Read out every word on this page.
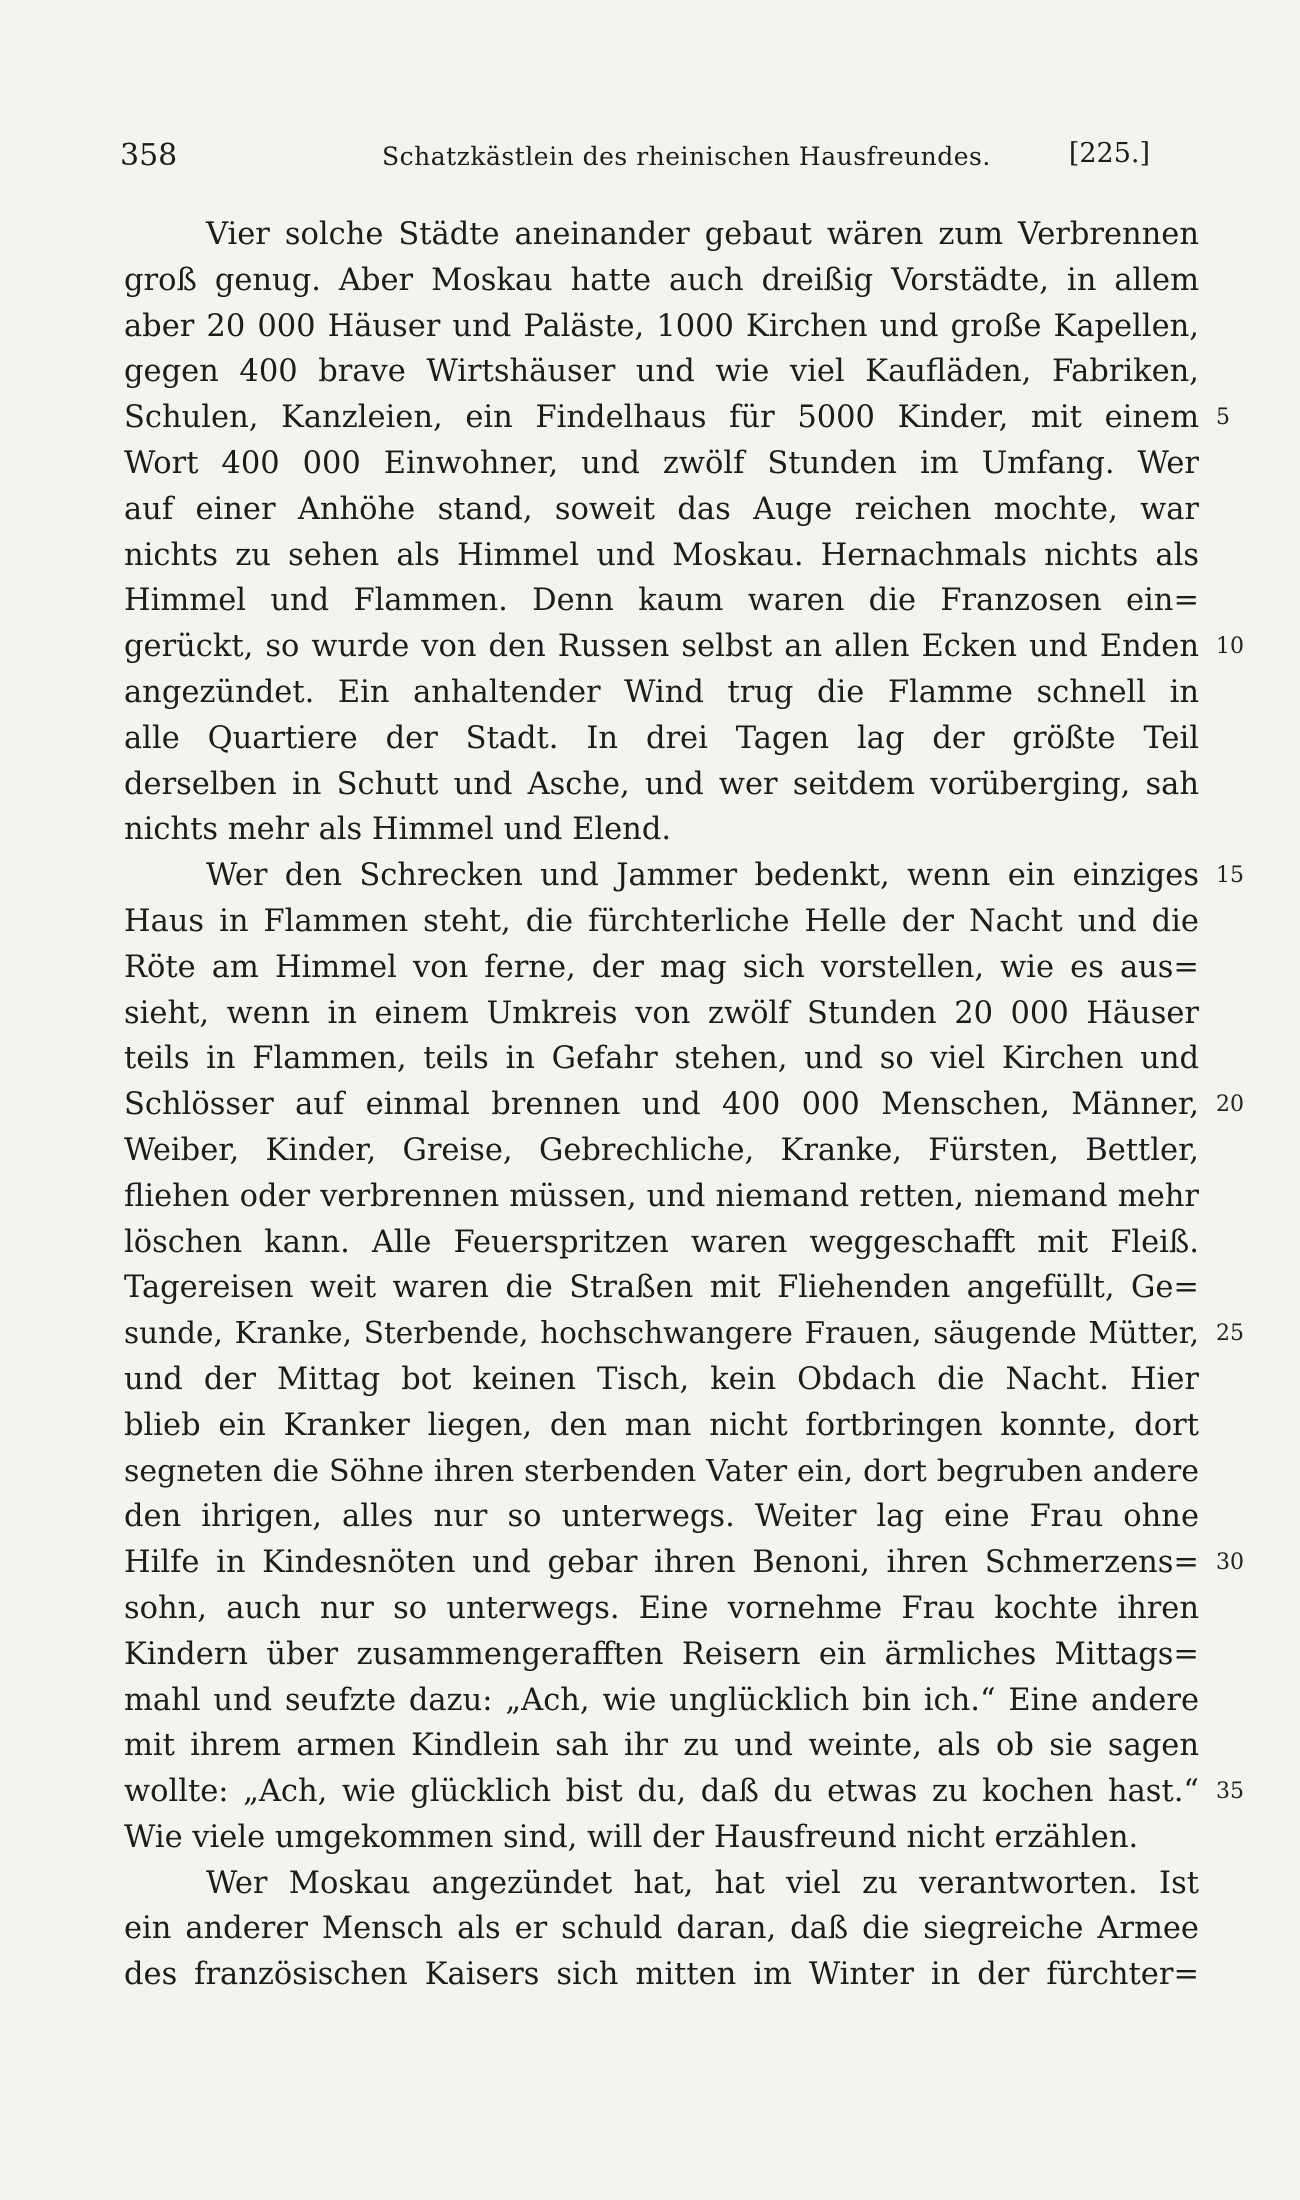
358	Schatzkästlein des rheinischen Hausfreundes.	[225.]
Vier solche Städte aneinander gebaut wären zum Verbrennen
groß genug. Aber Moskau hatte auch dreißig Vorstädte, in allem
aber 20 000 Häuser und Paläste, 1000 Kirchen und große Kapellen,
gegen 400 brave Wirtshäuser und wie viel Kaufläden, Fabriken,
Schulen, Kanzleien, ein Findelhaus für 5000 Kinder, mit einem 5
Wort 400 000 Einwohner, und zwölf Stunden im Umfang. Wer
auf einer Anhöhe stand, soweit das Auge reichen mochte, war
nichts zu sehen als Himmel und Moskau. Hernachmals nichts als
Himmel und Flammen. Denn kaum waren die Franzosen ein=
gerückt, so wurde von den Russen selbst an allen Ecken und Enden 10
angezündet. Ein anhaltender Wind trug die Flamme schnell in
alle Quartiere der Stadt. In drei Tagen lag der größte Teil
derselben in Schutt und Asche, und wer seitdem vorüberging, sah
nichts mehr als Himmel und Elend.
Wer den Schrecken und Jammer bedenkt, wenn ein einziges 15
Haus in Flammen steht, die fürchterliche Helle der Nacht und die
Röte am Himmel von ferne, der mag sich vorstellen, wie es aus=
sieht, wenn in einem Umkreis von zwölf Stunden 20 000 Häuser
teils in Flammen, teils in Gefahr stehen, und so viel Kirchen und
Schlösser auf einmal brennen und 400 000 Menschen, Männer, 20
Weiber, Kinder, Greise, Gebrechliche, Kranke, Fürsten, Bettler,
fliehen oder verbrennen müssen, und niemand retten, niemand mehr
löschen kann. Alle Feuerspritzen waren weggeschafft mit Fleiß.
Tagereisen weit waren die Straßen mit Fliehenden angefüllt, Ge=
sunde, Kranke, Sterbende, hochschwangere Frauen, säugende Mütter, 25
und der Mittag bot keinen Tisch, kein Obdach die Nacht. Hier
blieb ein Kranker liegen, den man nicht fortbringen konnte, dort
segneten die Söhne ihren sterbenden Vater ein, dort begruben andere
den ihrigen, alles nur so unterwegs. Weiter lag eine Frau ohne
Hilfe in Kindesnöten und gebar ihren Benoni, ihren Schmerzens= 30
sohn, auch nur so unterwegs. Eine vornehme Frau kochte ihren
Kindern über zusammengerafften Reisern ein ärmliches Mittags=
mahl und seufzte dazu: „Ach, wie unglücklich bin ich.“ Eine andere
mit ihrem armen Kindlein sah ihr zu und weinte, als ob sie sagen
wollte: „Ach, wie glücklich bist du, daß du etwas zu kochen hast.“ 35
Wie viele umgekommen sind, will der Hausfreund nicht erzählen.
Wer Moskau angezündet hat, hat viel zu verantworten. Ist
ein anderer Mensch als er schuld daran, daß die siegreiche Armee
des französischen Kaisers sich mitten im Winter in der fürchter=
